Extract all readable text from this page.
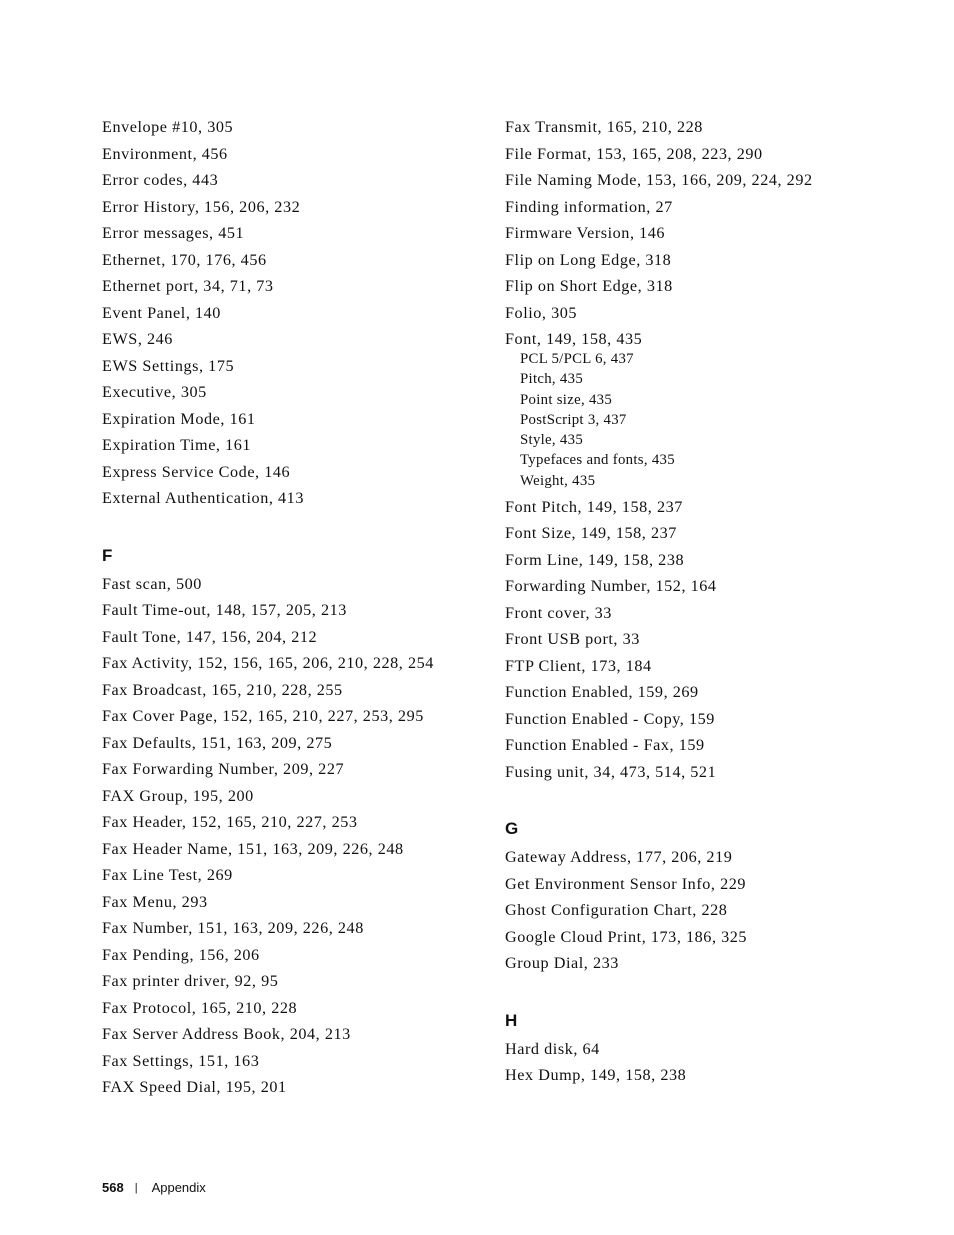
Envelope #10, 305
Environment, 456
Error codes, 443
Error History, 156, 206, 232
Error messages, 451
Ethernet, 170, 176, 456
Ethernet port, 34, 71, 73
Event Panel, 140
EWS, 246
EWS Settings, 175
Executive, 305
Expiration Mode, 161
Expiration Time, 161
Express Service Code, 146
External Authentication, 413
F
Fast scan, 500
Fault Time-out, 148, 157, 205, 213
Fault Tone, 147, 156, 204, 212
Fax Activity, 152, 156, 165, 206, 210, 228, 254
Fax Broadcast, 165, 210, 228, 255
Fax Cover Page, 152, 165, 210, 227, 253, 295
Fax Defaults, 151, 163, 209, 275
Fax Forwarding Number, 209, 227
FAX Group, 195, 200
Fax Header, 152, 165, 210, 227, 253
Fax Header Name, 151, 163, 209, 226, 248
Fax Line Test, 269
Fax Menu, 293
Fax Number, 151, 163, 209, 226, 248
Fax Pending, 156, 206
Fax printer driver, 92, 95
Fax Protocol, 165, 210, 228
Fax Server Address Book, 204, 213
Fax Settings, 151, 163
FAX Speed Dial, 195, 201
Fax Transmit, 165, 210, 228
File Format, 153, 165, 208, 223, 290
File Naming Mode, 153, 166, 209, 224, 292
Finding information, 27
Firmware Version, 146
Flip on Long Edge, 318
Flip on Short Edge, 318
Folio, 305
Font, 149, 158, 435
PCL 5/PCL 6, 437
Pitch, 435
Point size, 435
PostScript 3, 437
Style, 435
Typefaces and fonts, 435
Weight, 435
Font Pitch, 149, 158, 237
Font Size, 149, 158, 237
Form Line, 149, 158, 238
Forwarding Number, 152, 164
Front cover, 33
Front USB port, 33
FTP Client, 173, 184
Function Enabled, 159, 269
Function Enabled - Copy, 159
Function Enabled - Fax, 159
Fusing unit, 34, 473, 514, 521
G
Gateway Address, 177, 206, 219
Get Environment Sensor Info, 229
Ghost Configuration Chart, 228
Google Cloud Print, 173, 186, 325
Group Dial, 233
H
Hard disk, 64
Hex Dump, 149, 158, 238
568 | Appendix
